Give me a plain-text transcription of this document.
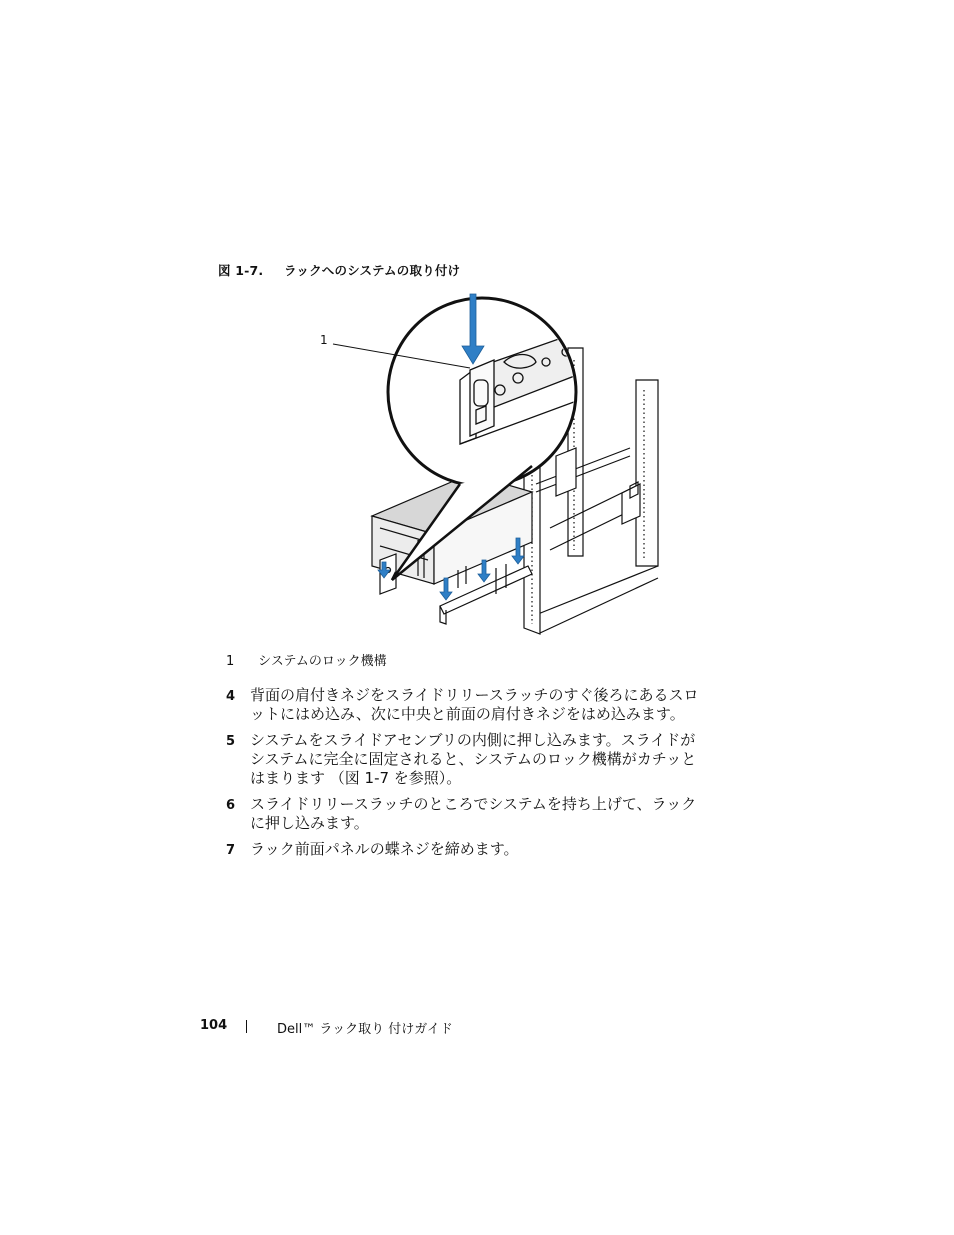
図 1-7. ラックへのシステムの取り付け
1
1 システムのロック機構
4 背面の肩付きネジをスライドリリースラッチのすぐ後ろにあるスロットにはめ込み、次に中央と前面の肩付きネジをはめ込みます。
5 システムをスライドアセンブリの内側に押し込みます。スライドがシステムに完全に固定されると、システムのロック機構がカチッとはまります （図 1-7 を参照）。
6 スライドリリースラッチのところでシステムを持ち上げて、ラックに押し込みます。
7 ラック前面パネルの蝶ネジを締めます。
104	Dell™ ラック取り 付けガイド
